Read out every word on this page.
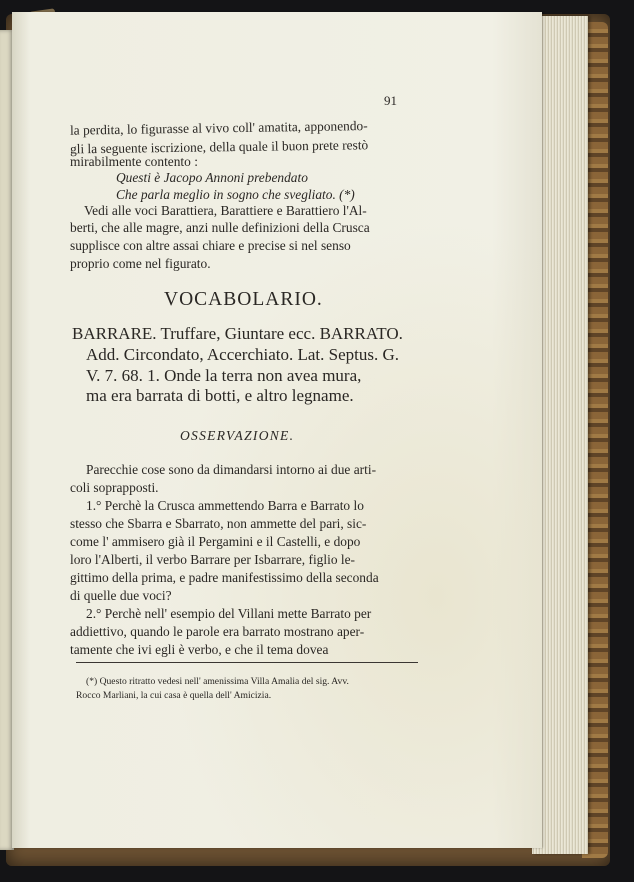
91
la perdita, lo figurasse al vivo coll' amatita, apponendo-
gli la seguente iscrizione, della quale il buon prete restò
mirabilmente contento :
Questi è Jacopo Annoni prebendato
Che parla meglio in sogno che svegliato. (*)
Vedi alle voci Barattiera, Barattiere e Barattiero l'Al-
berti, che alle magre, anzi nulle definizioni della Crusca
supplisce con altre assai chiare e precise si nel senso
proprio come nel figurato.
VOCABOLARIO.
BARRARE. Truffare, Giuntare ecc. BARRATO.
Add. Circondato, Accerchiato. Lat. Septus. G.
V. 7. 68. 1. Onde la terra non avea mura,
ma era barrata di botti, e altro legname.
OSSERVAZIONE.
Parecchie cose sono da dimandarsi intorno ai due arti-
coli soprapposti.
1.° Perchè la Crusca ammettendo Barra e Barrato lo
stesso che Sbarra e Sbarrato, non ammette del pari, sic-
come l' ammisero già il Pergamini e il Castelli, e dopo
loro l'Alberti, il verbo Barrare per Isbarrare, figlio le-
gittimo della prima, e padre manifestissimo della seconda
di quelle due voci?
2.° Perchè nell' esempio del Villani mette Barrato per
addiettivo, quando le parole era barrato mostrano aper-
tamente che ivi egli è verbo, e che il tema dovea
(*) Questo ritratto vedesi nell' amenissima Villa Amalia del sig. Avv.
Rocco Marliani, la cui casa è quella dell' Amicizia.
